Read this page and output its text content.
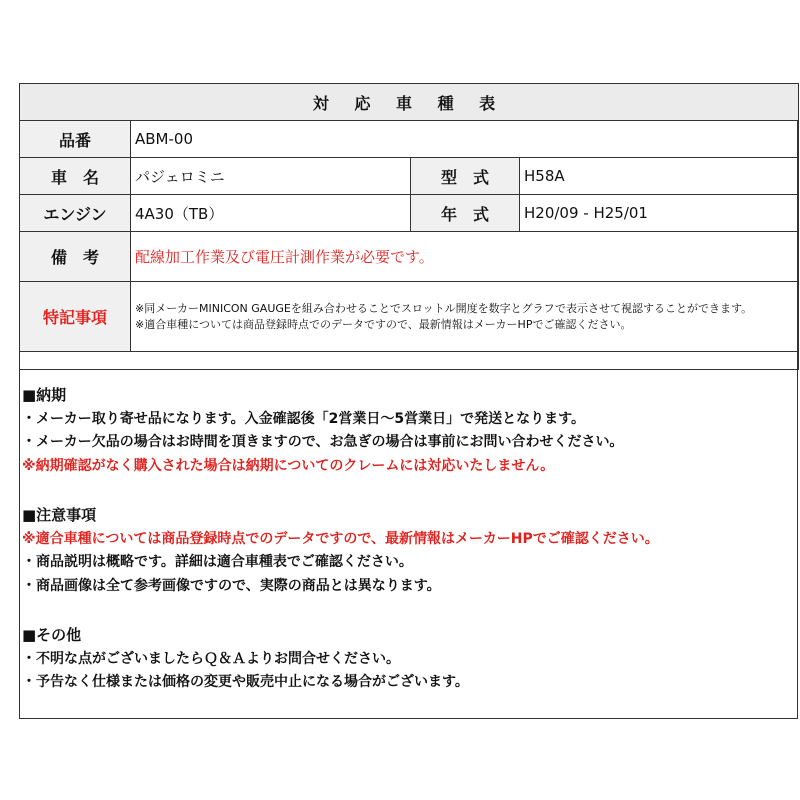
対 応 車 種 表			
品番	ABM-00		
車　名	パジェロミニ	型　式	H58A
エンジン	4A30（TB）	年　式	H20/09 - H25/01
備　考	配線加工作業及び電圧計測作業が必要です。		
特記事項	※同メーカーMINICON GAUGEを組み合わせることでスロットル開度を数字とグラフで表示させて視認することができます。
※適合車種については商品登録時点でのデータですので、最新情報はメーカーHPでご確認ください。		

■納期
・メーカー取り寄せ品になります。入金確認後「2営業日～5営業日」で発送となります。
・メーカー欠品の場合はお時間を頂きますので、お急ぎの場合は事前にお問い合わせください。
※納期確認がなく購入された場合は納期についてのクレームには対応いたしません。
■注意事項
※適合車種については商品登録時点でのデータですので、最新情報はメーカーHPでご確認ください。
・商品説明は概略です。詳細は適合車種表でご確認ください。
・商品画像は全て参考画像ですので、実際の商品とは異なります。
■その他
・不明な点がございましたらＱ＆Ａよりお問合せください。
・予告なく仕様または価格の変更や販売中止になる場合がございます。
